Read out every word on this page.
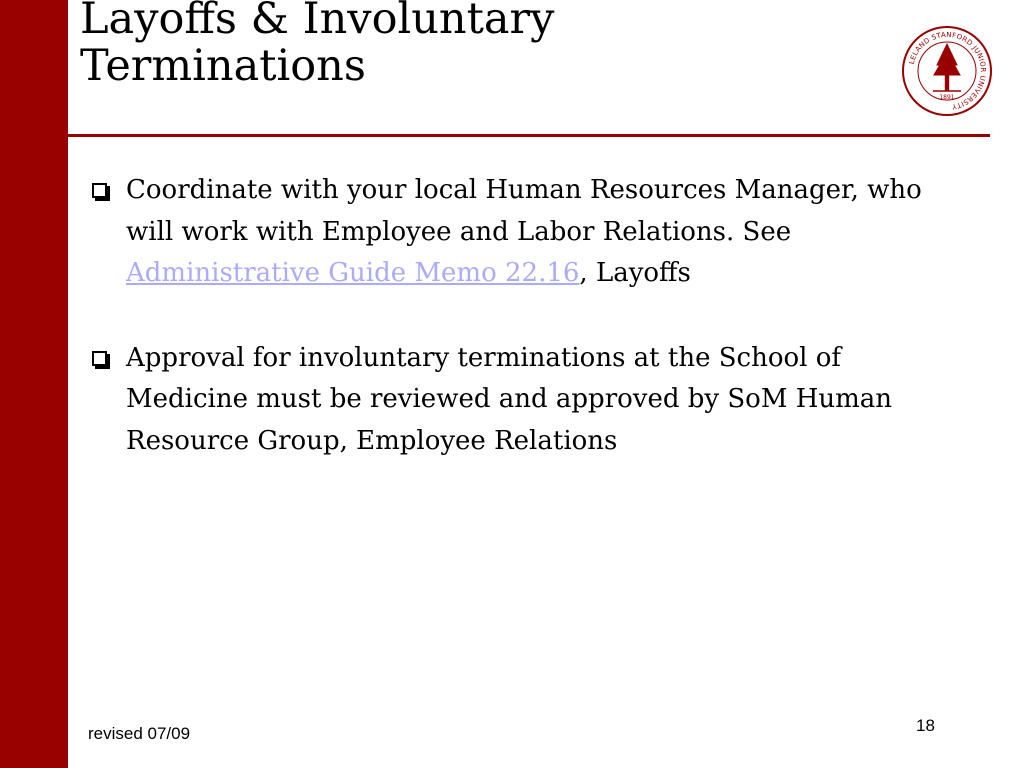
Layoffs & Involuntary
Terminations	LELAND STANFORD JUNIOR UNIVERSITY
1891
Coordinate with your local Human Resources Manager, who will work with Employee and Labor Relations. See Administrative Guide Memo 22.16, Layoffs
Approval for involuntary terminations at the School of Medicine must be reviewed and approved by SoM Human Resource Group, Employee Relations
revised 07/09	18
